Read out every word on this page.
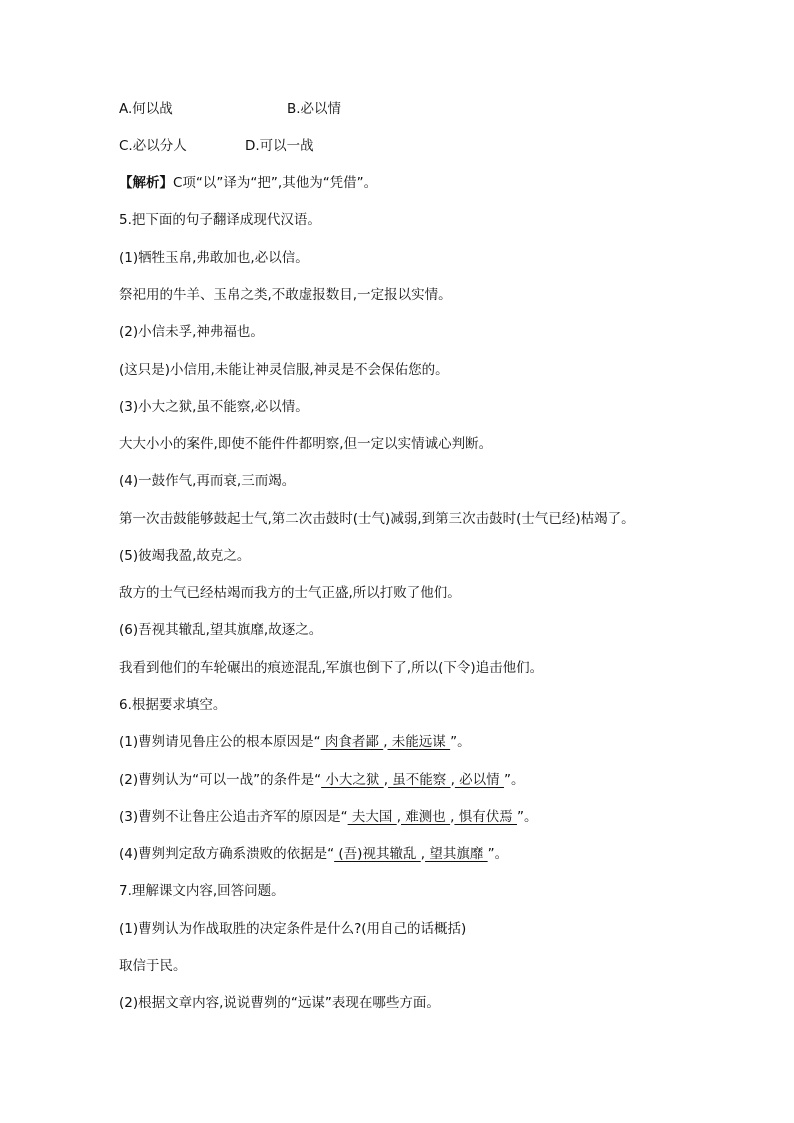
A.何以战	B.必以情
C.必以分人	D.可以一战
【解析】C项“以”译为“把”,其他为“凭借”。
5.把下面的句子翻译成现代汉语。
(1)牺牲玉帛,弗敢加也,必以信。
祭祀用的牛羊、玉帛之类,不敢虚报数目,一定报以实情。
(2)小信未孚,神弗福也。
(这只是)小信用,未能让神灵信服,神灵是不会保佑您的。
(3)小大之狱,虽不能察,必以情。
大大小小的案件,即使不能件件都明察,但一定以实情诚心判断。
(4)一鼓作气,再而衰,三而竭。
第一次击鼓能够鼓起士气,第二次击鼓时(士气)减弱,到第三次击鼓时(士气已经)枯竭了。
(5)彼竭我盈,故克之。
敌方的士气已经枯竭而我方的士气正盛,所以打败了他们。
(6)吾视其辙乱,望其旗靡,故逐之。
我看到他们的车轮碾出的痕迹混乱,军旗也倒下了,所以(下令)追击他们。
6.根据要求填空。
(1)曹刿请见鲁庄公的根本原因是“ 肉食者鄙 , 未能远谋 ”。
(2)曹刿认为“可以一战”的条件是“ 小大之狱 , 虽不能察 , 必以情 ”。
(3)曹刿不让鲁庄公追击齐军的原因是“ 夫大国 , 难测也 , 惧有伏焉 ”。
(4)曹刿判定敌方确系溃败的依据是“ (吾)视其辙乱 , 望其旗靡 ”。
7.理解课文内容,回答问题。
(1)曹刿认为作战取胜的决定条件是什么?(用自己的话概括)
取信于民。
(2)根据文章内容,说说曹刿的“远谋”表现在哪些方面。
